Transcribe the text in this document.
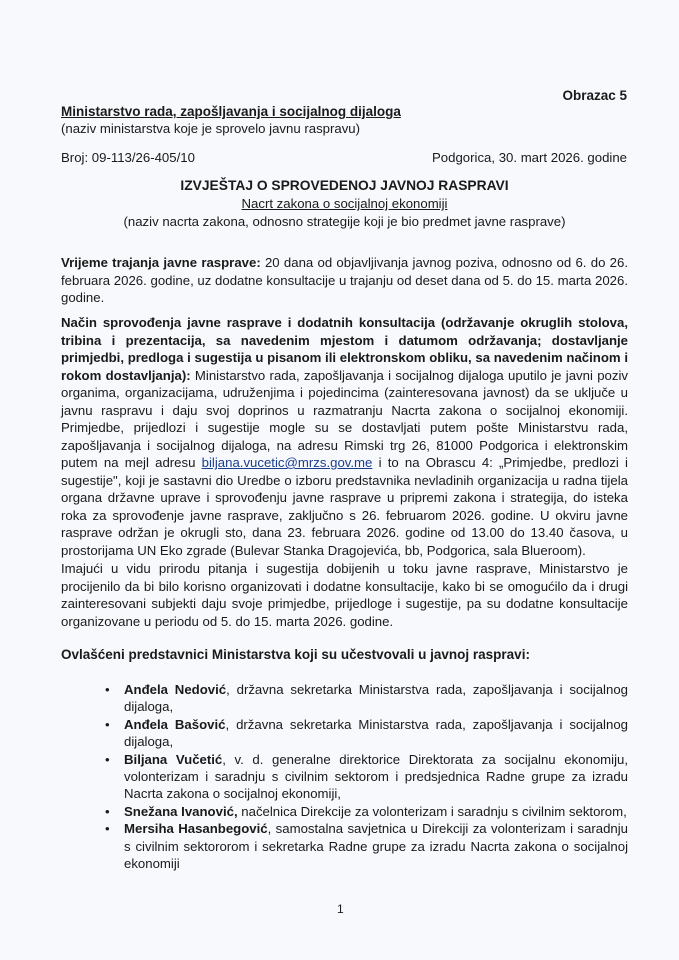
Obrazac 5
Ministarstvo rada, zapošljavanja i socijalnog dijaloga
(naziv ministarstva koje je sprovelo javnu raspravu)
Broj: 09-113/26-405/10	Podgorica, 30. mart 2026. godine
IZVJEŠTAJ O SPROVEDENOJ JAVNOJ RASPRAVI
Nacrt zakona o socijalnoj ekonomiji
(naziv nacrta zakona, odnosno strategije koji je bio predmet javne rasprave)

Vrijeme trajanja javne rasprave: 20 dana od objavljivanja javnog poziva, odnosno od 6. do 26. februara 2026. godine, uz dodatne konsultacije u trajanju od deset dana od 5. do 15. marta 2026. godine.

Način sprovođenja javne rasprave i dodatnih konsultacija (održavanje okruglih stolova, tribina i prezentacija, sa navedenim mjestom i datumom održavanja; dostavljanje primjedbi, predloga i sugestija u pisanom ili elektronskom obliku, sa navedenim načinom i rokom dostavljanja): Ministarstvo rada, zapošljavanja i socijalnog dijaloga uputilo je javni poziv organima, organizacijama, udruženjima i pojedincima (zainteresovana javnost) da se uključe u javnu raspravu i daju svoj doprinos u razmatranju Nacrta zakona o socijalnoj ekonomiji. Primjedbe, prijedlozi i sugestije mogle su se dostavljati putem pošte Ministarstvu rada, zapošljavanja i socijalnog dijaloga, na adresu Rimski trg 26, 81000 Podgorica i elektronskim putem na mejl adresu biljana.vucetic@mrzs.gov.me i to na Obrascu 4: „Primjedbe, predlozi i sugestije", koji je sastavni dio Uredbe o izboru predstavnika nevladinih organizacija u radna tijela organa državne uprave i sprovođenju javne rasprave u pripremi zakona i strategija, do isteka roka za sprovođenje javne rasprave, zaključno s 26. februarom 2026. godine. U okviru javne rasprave održan je okrugli sto, dana 23. februara 2026. godine od 13.00 do 13.40 časova, u prostorijama UN Eko zgrade (Bulevar Stanka Dragojevića, bb, Podgorica, sala Blueroom).

Imajući u vidu prirodu pitanja i sugestija dobijenih u toku javne rasprave, Ministarstvo je procijenilo da bi bilo korisno organizovati i dodatne konsultacije, kako bi se omogućilo da i drugi zainteresovani subjekti daju svoje primjedbe, prijedloge i sugestije, pa su dodatne konsultacije organizovane u periodu od 5. do 15. marta 2026. godine.

Ovlašćeni predstavnici Ministarstva koji su učestvovali u javnoj raspravi:
• Anđela Nedović, državna sekretarka Ministarstva rada, zapošljavanja i socijalnog dijaloga,
• Anđela Bašović, državna sekretarka Ministarstva rada, zapošljavanja i socijalnog dijaloga,
• Biljana Vučetić, v. d. generalne direktorice Direktorata za socijalnu ekonomiju, volonterizam i saradnju s civilnim sektorom i predsjednica Radne grupe za izradu Nacrta zakona o socijalnoj ekonomiji,
• Snežana Ivanović, načelnica Direkcije za volonterizam i saradnju s civilnim sektorom,
• Mersiha Hasanbegović, samostalna savjetnica u Direkciji za volonterizam i saradnju s civilnim sektororom i sekretarka Radne grupe za izradu Nacrta zakona o socijalnoj ekonomiji
1
